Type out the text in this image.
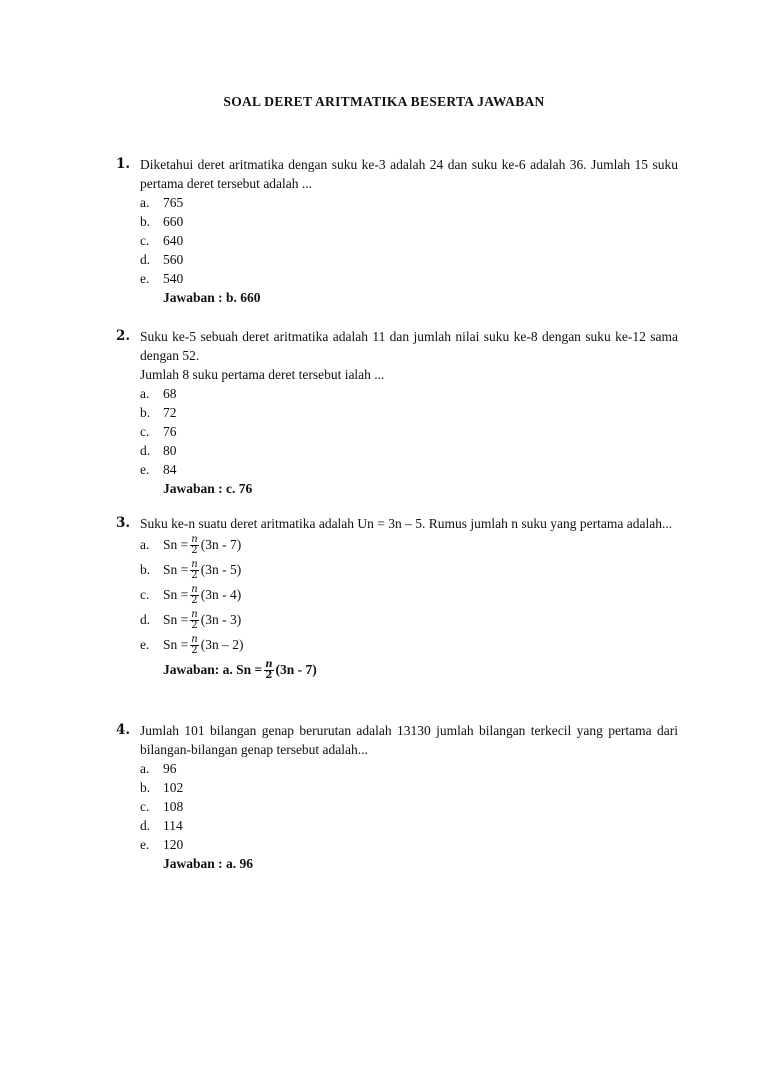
SOAL DERET ARITMATIKA BESERTA JAWABAN
1. Diketahui deret aritmatika dengan suku ke-3 adalah 24 dan suku ke-6 adalah 36. Jumlah 15 suku pertama deret tersebut adalah ...

a.	765
b. 660
c.	640
d. 560
e.	540
Jawaban : b. 660
2. Suku ke-5 sebuah deret aritmatika adalah 11 dan jumlah nilai suku ke-8 dengan suku ke-12 sama dengan 52.

Jumlah 8 suku pertama deret tersebut ialah ...

a.	68
b. 72
c.	76
d. 80
e.	84
Jawaban : c. 76
3. Suku ke-n suatu deret aritmatika adalah Un = 3n – 5. Rumus jumlah n suku yang pertama adalah...

a.	$Sn = \frac{n}{2} (3n - 7)$
b. $Sn = \frac{n}{2} (3n - 5)$
c.	$Sn = \frac{n}{2} (3n - 4)$
d. $Sn = \frac{n}{2} (3n - 3)$
e.	$Sn = \frac{n}{2} (3n - 2)$
Jawaban: a. $Sn = \frac{n}{2} (3n - 7)$
4. Jumlah 101 bilangan genap berurutan adalah 13130 jumlah bilangan terkecil yang pertama dari bilangan-bilangan genap tersebut adalah...

a.	96
b. 102
c.	108
d. 114
e.	120
Jawaban : a. 96
